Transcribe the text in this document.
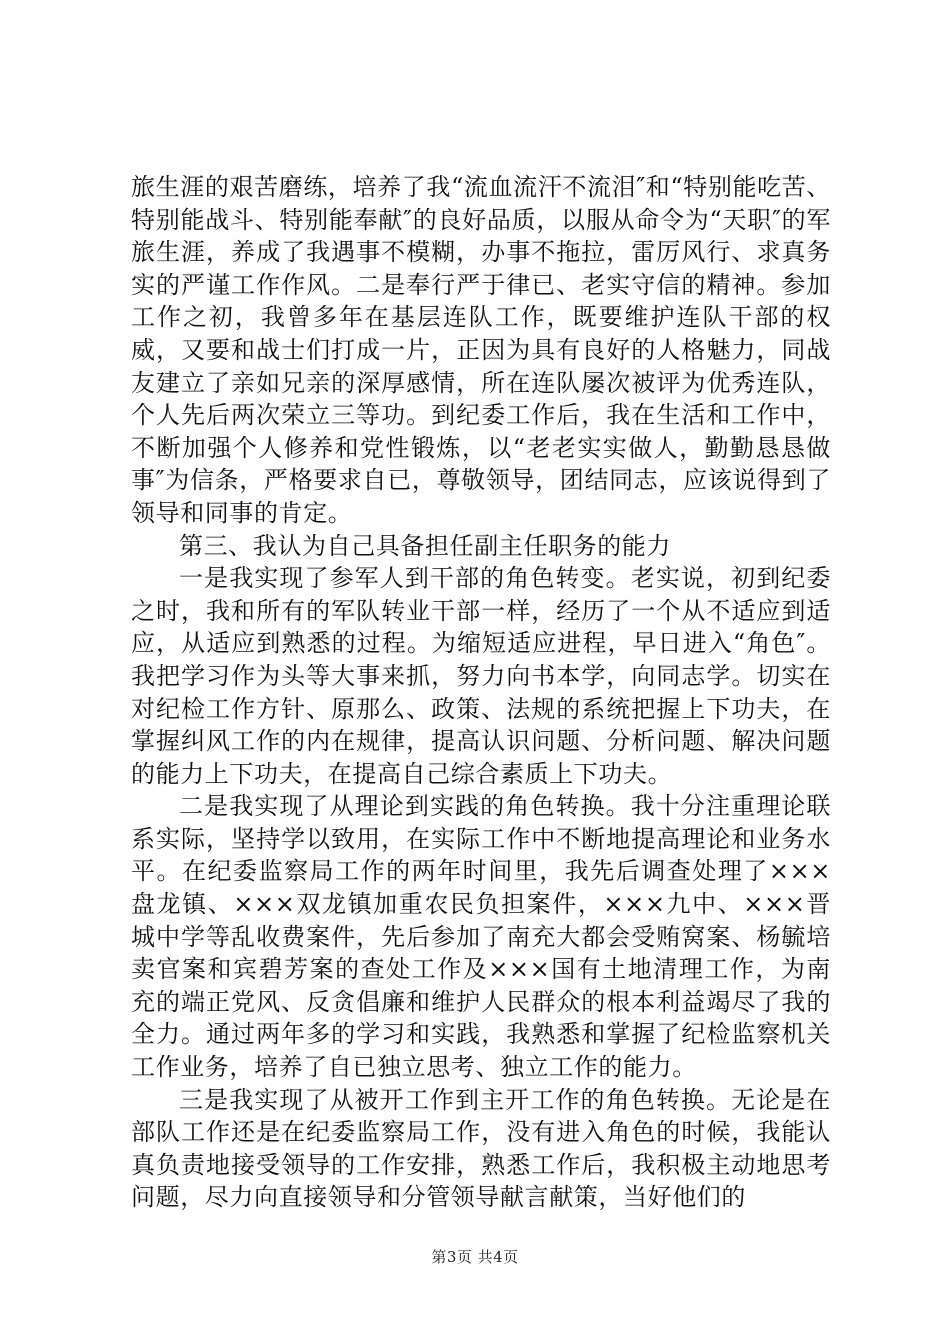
旅生涯的艰苦磨练，培养了我“流血流汗不流泪″和“特别能吃苦、特别能战斗、特别能奉献″的良好品质，以服从命令为“天职″的军旅生涯，养成了我遇事不模糊，办事不拖拉，雷厉风行、求真务实的严谨工作作风。二是奉行严于律已、老实守信的精神。参加工作之初，我曾多年在基层连队工作，既要维护连队干部的权威，又要和战士们打成一片，正因为具有良好的人格魅力，同战友建立了亲如兄亲的深厚感情，所在连队屡次被评为优秀连队，个人先后两次荣立三等功。到纪委工作后，我在生活和工作中，不断加强个人修养和党性锻炼，以“老老实实做人，勤勤恳恳做事″为信条，严格要求自已，尊敬领导，团结同志，应该说得到了领导和同事的肯定。

第三、我认为自己具备担任副主任职务的能力

一是我实现了参军人到干部的角色转变。老实说，初到纪委之时，我和所有的军队转业干部一样，经历了一个从不适应到适应，从适应到熟悉的过程。为缩短适应进程，早日进入“角色″。我把学习作为头等大事来抓，努力向书本学，向同志学。切实在对纪检工作方针、原那么、政策、法规的系统把握上下功夫，在掌握纠风工作的内在规律，提高认识问题、分析问题、解决问题的能力上下功夫，在提高自己综合素质上下功夫。

二是我实现了从理论到实践的角色转换。我十分注重理论联系实际，坚持学以致用，在实际工作中不断地提高理论和业务水平。在纪委监察局工作的两年时间里，我先后调查处理了×××盘龙镇、×××双龙镇加重农民负担案件，×××九中、×××晋城中学等乱收费案件，先后参加了南充大都会受贿窝案、杨毓培卖官案和宾碧芳案的查处工作及×××国有土地清理工作，为南充的端正党风、反贪倡廉和维护人民群众的根本利益竭尽了我的全力。通过两年多的学习和实践，我熟悉和掌握了纪检监察机关工作业务，培养了自已独立思考、独立工作的能力。

三是我实现了从被开工作到主开工作的角色转换。无论是在部队工作还是在纪委监察局工作，没有进入角色的时候，我能认真负责地接受领导的工作安排，熟悉工作后，我积极主动地思考问题，尽力向直接领导和分管领导献言献策，当好他们的

第3页 共4页
